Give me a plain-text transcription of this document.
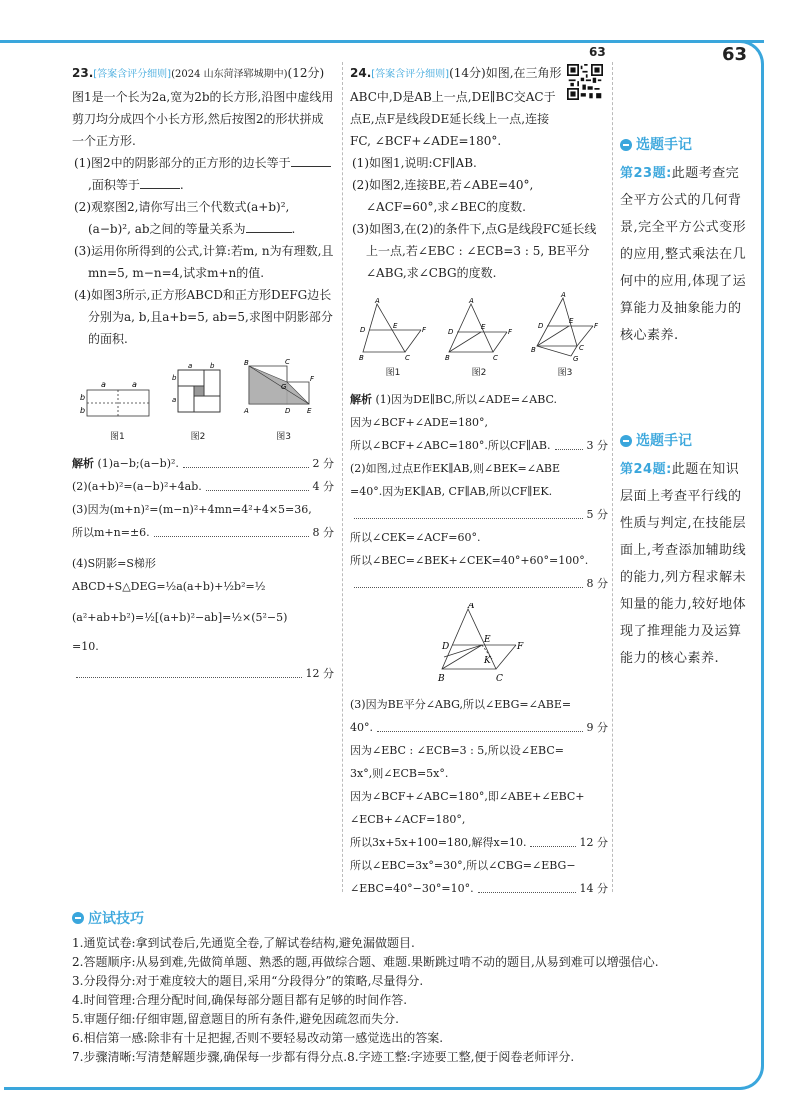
63	63
23.[答案含评分细则](2024 山东菏泽郓城期中)(12分)图1是一个长为2a,宽为2b的长方形,沿图中虚线用剪刀均分成四个小长方形,然后按图2的形状拼成一个正方形.
(1)图2中的阴影部分的正方形的边长等于,面积等于	.
(2)观察图2,请你写出三个代数式(a+b)², (a−b)², ab之间的等量关系为	.
(3)运用你所得到的公式,计算:若m, n为有理数,且mn=5, m−n=4,试求m+n的值.
(4)如图3所示,正方形ABCD和正方形DEFG边长分别为a, b,且a+b=5, ab=5,求图中阴影部分的面积.
a	a
b
b
图1
a	b
b
a
图2
B	C
F
G
A	D E
图3
解析 (1)a−b;(a−b)².	2 分
(2)(a+b)²=(a−b)²+4ab.	4 分
(3)因为(m+n)²=(m−n)²+4mn=4²+4×5=36,
所以m+n=±6.	8 分
(4)S阴影=S梯形ABCD+S△DEG=½a(a+b)+½b²=½
(a²+ab+b²)=½[(a+b)²−ab]=½×(5²−5)
=10.
12 分
24.[答案含评分细则](14分)如图,在三角形ABC中,D是AB上一点,DE∥BC交AC于点E,点F是线段DE延长线上一点,连接FC, ∠BCF+∠ADE=180°.
(1)如图1,说明:CF∥AB.
(2)如图2,连接BE,若∠ABE=40°, ∠ACF=60°,求∠BEC的度数.
(3)如图3,在(2)的条件下,点G是线段FC延长线上一点,若∠EBC : ∠ECB=3 : 5, BE平分∠ABG,求∠CBG的度数.
A
D	E	F
B	C
图1
A
D
E
F
B	C
图2
A
D
E
F
B	C
G
图3
解析 (1)因为DE∥BC,所以∠ADE=∠ABC.
因为∠BCF+∠ADE=180°,
所以∠BCF+∠ABC=180°.所以CF∥AB.	3 分
(2)如图,过点E作EK∥AB,则∠BEK=∠ABE
=40°.因为EK∥AB, CF∥AB,所以CF∥EK.
5 分
所以∠CEK=∠ACF=60°.
所以∠BEC=∠BEK+∠CEK=40°+60°=100°.
8 分
A
D
E
F
K
B	C
(3)因为BE平分∠ABG,所以∠EBG=∠ABE=
40°.	9 分
因为∠EBC : ∠ECB=3 : 5,所以设∠EBC=
3x°,则∠ECB=5x°.
因为∠BCF+∠ABC=180°,即∠ABE+∠EBC+
∠ECB+∠ACF=180°,
所以3x+5x+100=180,解得x=10.	12 分
所以∠EBC=3x°=30°,所以∠CBG=∠EBG−
∠EBC=40°−30°=10°.	14 分
选题手记
第23题:此题考查完全平方公式的几何背景,完全平方公式变形的应用,整式乘法在几何中的应用,体现了运算能力及抽象能力的核心素养.
选题手记
第24题:此题在知识层面上考查平行线的性质与判定,在技能层面上,考查添加辅助线的能力,列方程求解未知量的能力,较好地体现了推理能力及运算能力的核心素养.
应试技巧
1.通览试卷:拿到试卷后,先通览全卷,了解试卷结构,避免漏做题目.
2.答题顺序:从易到难,先做简单题、熟悉的题,再做综合题、难题.果断跳过啃不动的题目,从易到难可以增强信心.
3.分段得分:对于难度较大的题目,采用“分段得分”的策略,尽量得分.
4.时间管理:合理分配时间,确保每部分题目都有足够的时间作答.
5.审题仔细:仔细审题,留意题目的所有条件,避免因疏忽而失分.
6.相信第一感:除非有十足把握,否则不要轻易改动第一感觉选出的答案.
7.步骤清晰:写清楚解题步骤,确保每一步都有得分点.8.字迹工整:字迹要工整,便于阅卷老师评分.
